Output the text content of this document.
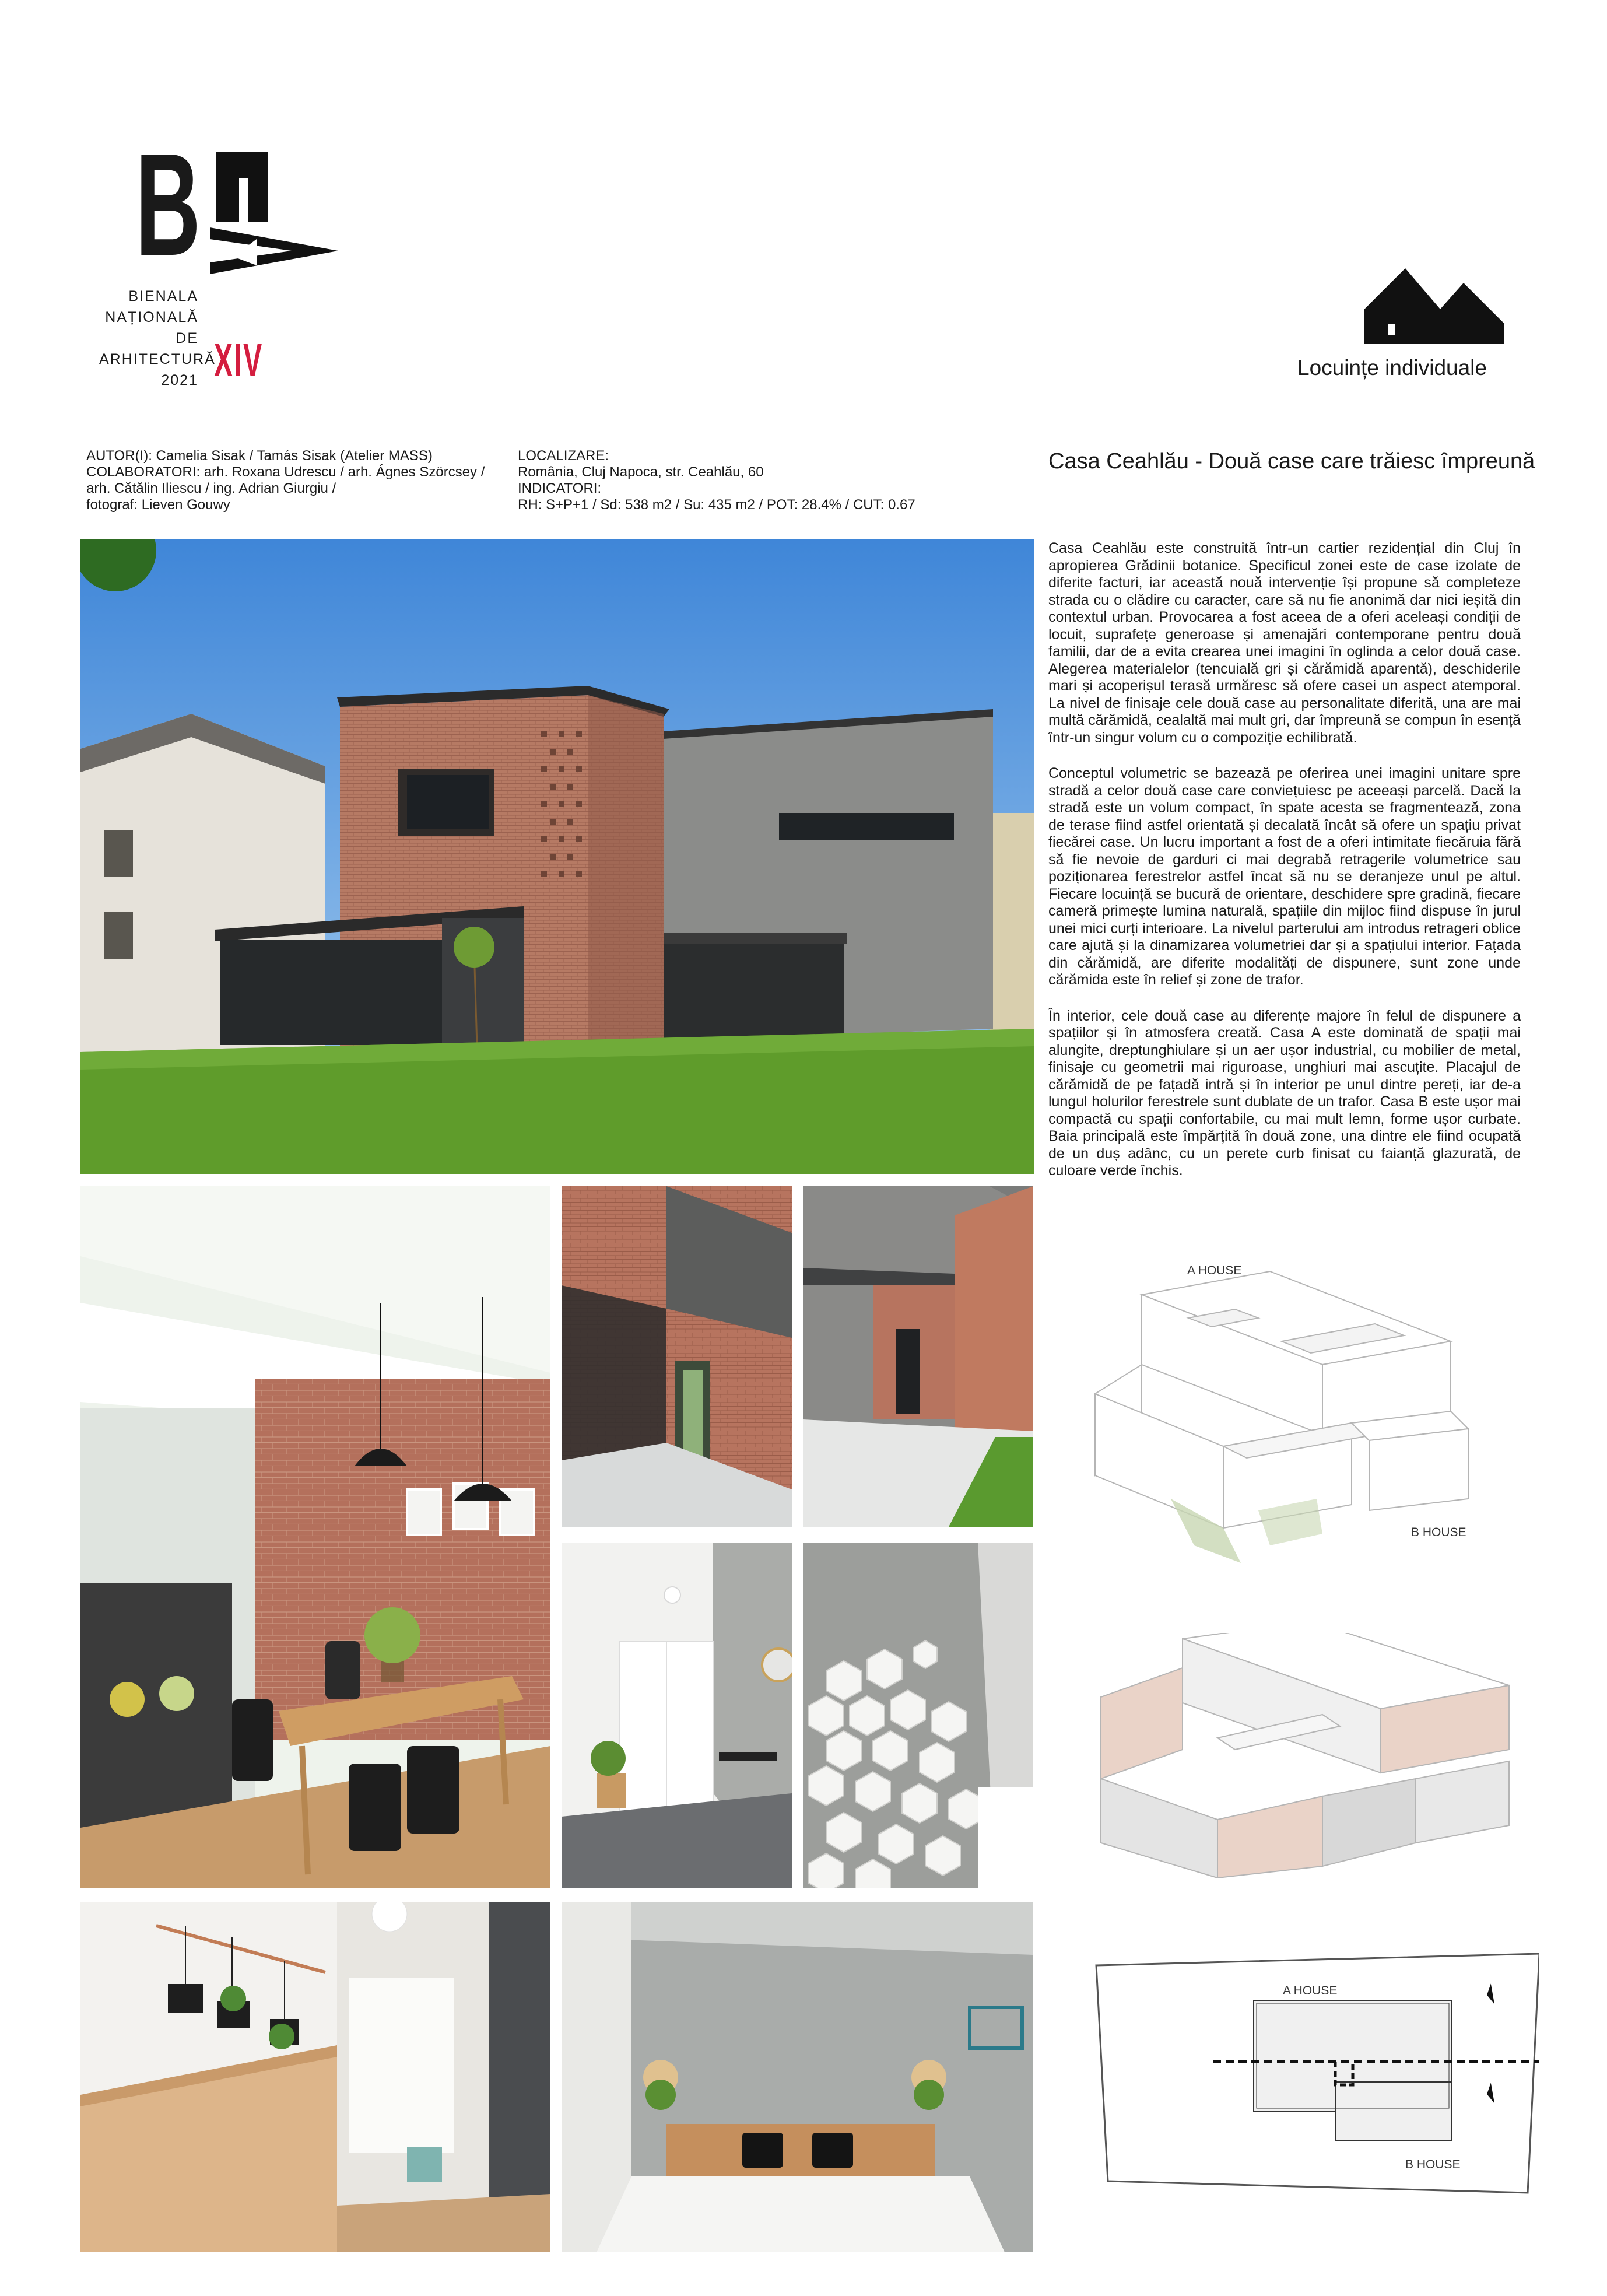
B
BIENALA
NAȚIONALĂ
DE
ARHITECTURĂ
2021 XIV	Locuințe individuale
AUTOR(I): Camelia Sisak / Tamás Sisak (Atelier MASS)
COLABORATORI: arh. Roxana Udrescu / arh. Ágnes Szörcsey /
arh. Cătălin Iliescu / ing. Adrian Giurgiu /
fotograf: Lieven Gouwy
LOCALIZARE:
România, Cluj Napoca, str. Ceahlău, 60
INDICATORI:
RH: S+P+1 / Sd: 538 m2 / Su: 435 m2 / POT: 28.4% / CUT: 0.67
Casa Ceahlău - Două case care trăiesc împreună

Casa Ceahlău este construită într-un cartier rezidențial din Cluj în apropierea Grădinii botanice. Specificul zonei este de case izolate de diferite facturi, iar această nouă intervenție își propune să completeze strada cu o clădire cu caracter, care să nu fie anonimă dar nici ieșită din contextul urban. Provocarea a fost aceea de a oferi aceleași condiții de locuit, suprafețe generoase și amenajări contemporane pentru două familii, dar de a evita crearea unei imagini în oglinda a celor două case. Alegerea materialelor (tencuială gri și cărămidă aparentă), deschiderile mari și acoperișul terasă urmăresc să ofere casei un aspect atemporal. La nivel de finisaje cele două case au personalitate diferită, una are mai multă cărămidă, cealaltă mai mult gri, dar împreună se compun în esență într-un singur volum cu o compoziție echilibrată.

Conceptul volumetric se bazează pe oferirea unei imagini unitare spre stradă a celor două case care conviețuiesc pe aceeași parcelă. Dacă la stradă este un volum compact, în spate acesta se fragmentează, zona de terase fiind astfel orientată și decalată încât să ofere un spațiu privat fiecărei case. Un lucru important a fost de a oferi intimitate fiecăruia fără să fie nevoie de garduri ci mai degrabă retragerile volumetrice sau poziționarea ferestrelor astfel încat să nu se deranjeze unul pe altul. Fiecare locuință se bucură de orientare, deschidere spre gradină, fiecare cameră primește lumina naturală, spațiile din mijloc fiind dispuse în jurul unei mici curți interioare. La nivelul parterului am introdus retrageri oblice care ajută și la dinamizarea volumetriei dar și a spațiului interior. Fațada din cărămidă, are diferite modalități de dispunere, sunt zone unde cărămida este în relief și zone de trafor.

În interior, cele două case au diferențe majore în felul de dispunere a spațiilor și în atmosfera creată. Casa A este dominată de spații mai alungite, dreptunghiulare și un aer ușor industrial, cu mobilier de metal, finisaje cu geometrii mai riguroase, unghiuri mai ascuțite. Placajul de cărămidă de pe fațadă intră și în interior pe unul dintre pereți, iar de-a lungul holurilor ferestrele sunt dublate de un trafor. Casa B este ușor mai compactă cu spații confortabile, cu mai mult lemn, forme ușor curbate. Baia principală este împărțită în două zone, una dintre ele fiind ocupată de un duș adânc, cu un perete curb finisat cu faianță glazurată, de culoare verde închis.

A HOUSE
B HOUSE
A HOUSE
B HOUSE
